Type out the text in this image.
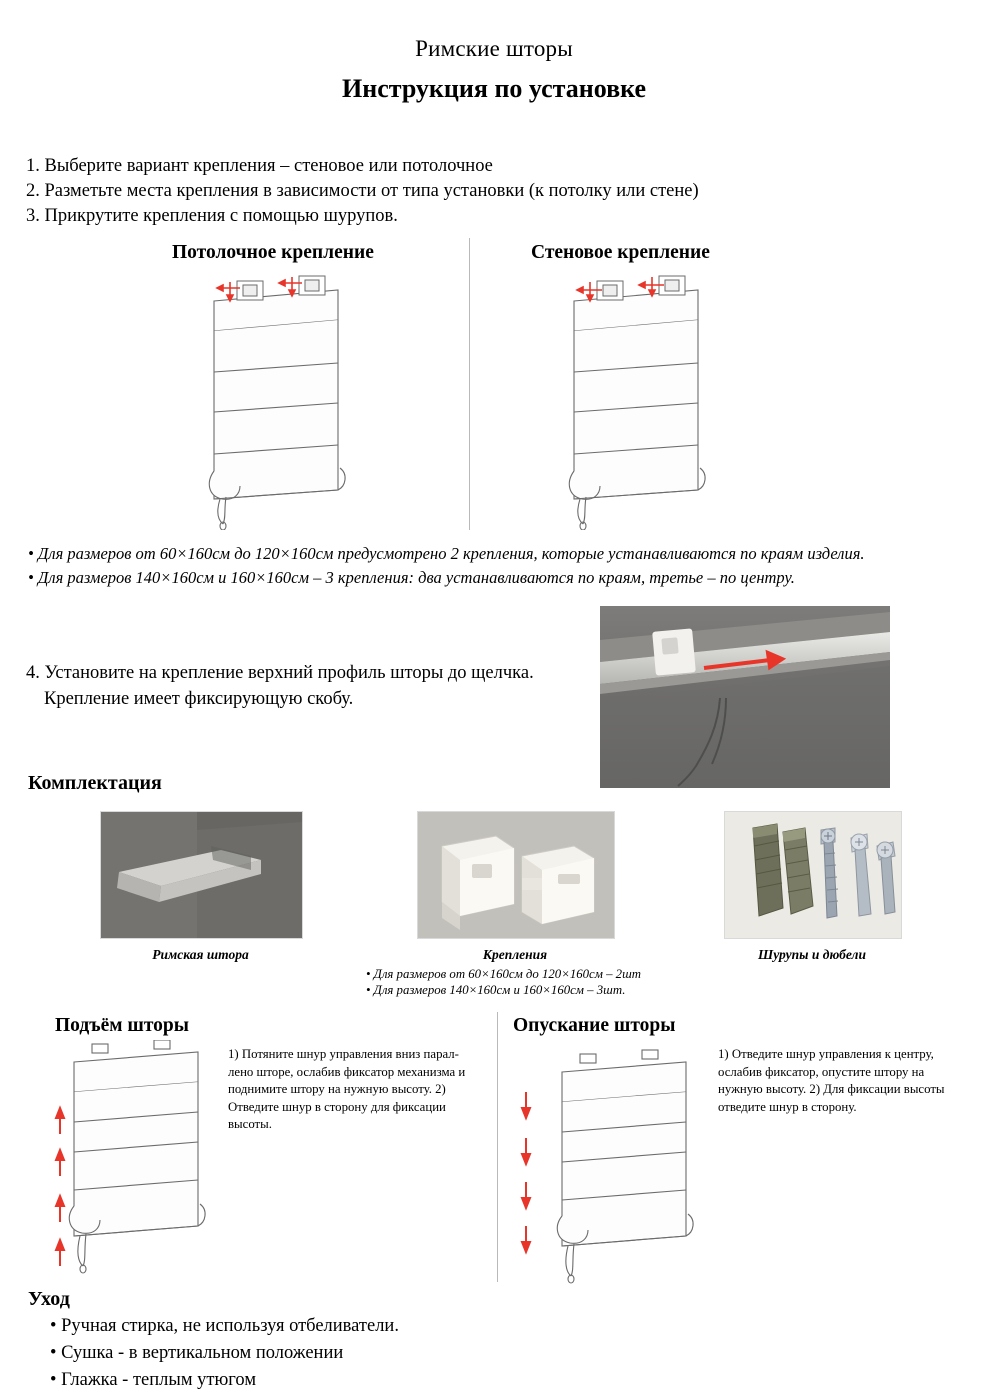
Римские шторы
Инструкция по установке
1. Выберите вариант крепления – стеновое или потолочное
2. Разметьте места крепления в зависимости от типа установки (к потолку или стене)
3. Прикрутите крепления с помощью шурупов.
Потолочное крепление	Стеновое крепление
• Для размеров от 60×160см до 120×160см предусмотрено 2 крепления, которые устанавливаются по краям изделия.
• Для размеров 140×160см и 160×160см – 3 крепления: два устанавливаются по краям, третье – по центру.
4. Установите на крепление верхний профиль шторы до щелчка.
Крепление имеет фиксирующую скобу.
Комплектация
Римская штора	Крепления	Шурупы и дюбели
• Для размеров от 60×160см до 120×160см – 2шт
• Для размеров 140×160см и 160×160см – 3шт.
Подъём шторы	Опускание шторы
1) Потяните шнур управления вниз парал-лено шторе, ослабив фиксатор механизма и поднимите штору на нужную высоту. 2) Отведите шнур в сторону для фиксации высоты.
1) Отведите шнур управления к центру, ослабив фиксатор, опустите штору на нужную высоту. 2) Для фиксации высоты отведите шнур в сторону.
Уход
• Ручная стирка, не используя отбеливатели.
• Сушка - в вертикальном положении
• Глажка - теплым утюгом
